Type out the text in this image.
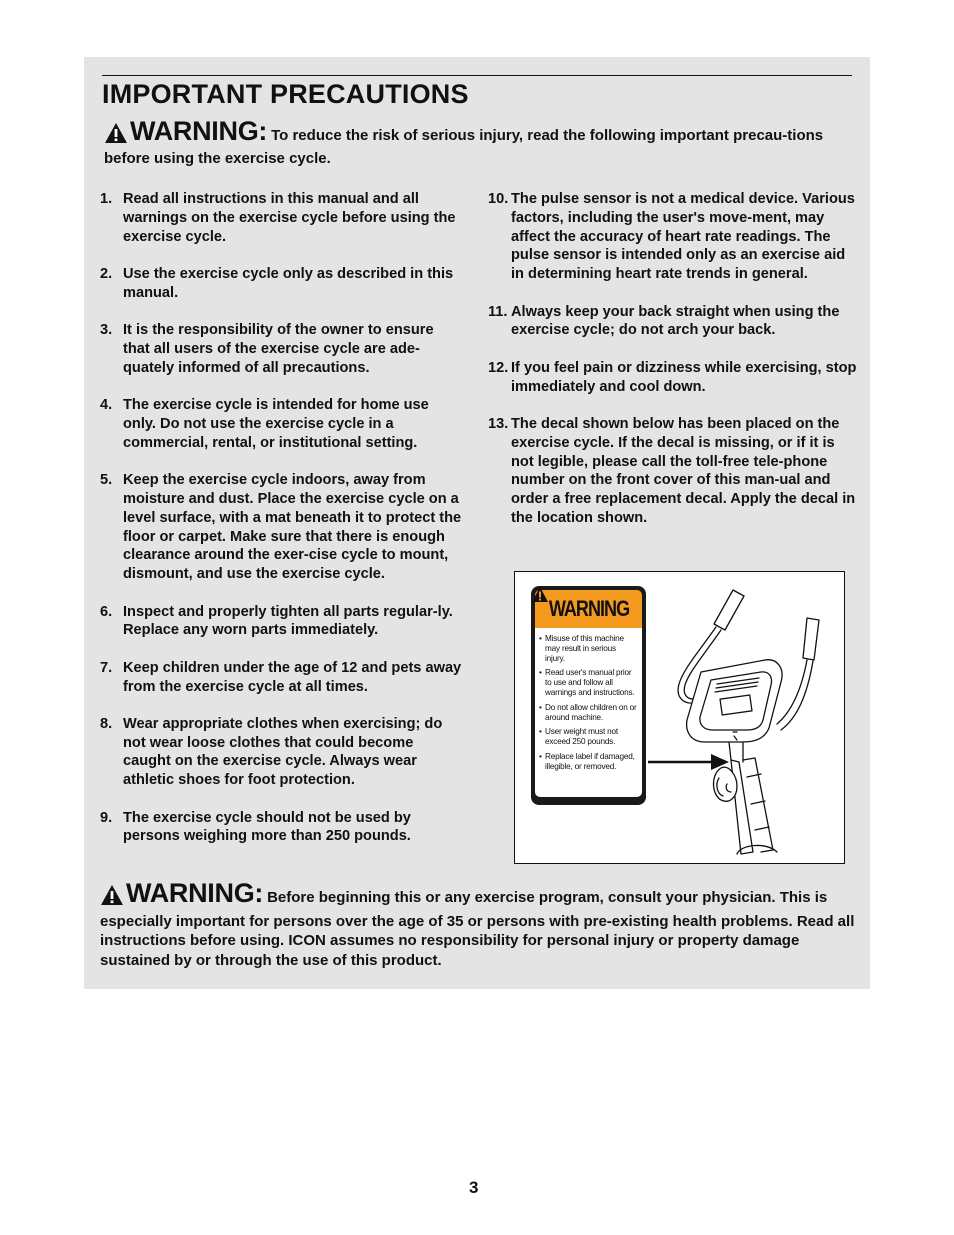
IMPORTANT PRECAUTIONS
WARNING: To reduce the risk of serious injury, read the following important precau-tions before using the exercise cycle.
1. Read all instructions in this manual and all warnings on the exercise cycle before using the exercise cycle.
2. Use the exercise cycle only as described in this manual.
3. It is the responsibility of the owner to ensure that all users of the exercise cycle are ade-quately informed of all precautions.
4. The exercise cycle is intended for home use only. Do not use the exercise cycle in a commercial, rental, or institutional setting.
5. Keep the exercise cycle indoors, away from moisture and dust. Place the exercise cycle on a level surface, with a mat beneath it to protect the floor or carpet. Make sure that there is enough clearance around the exer-cise cycle to mount, dismount, and use the exercise cycle.
6. Inspect and properly tighten all parts regular-ly. Replace any worn parts immediately.
7. Keep children under the age of 12 and pets away from the exercise cycle at all times.
8. Wear appropriate clothes when exercising; do not wear loose clothes that could become caught on the exercise cycle. Always wear athletic shoes for foot protection.
9. The exercise cycle should not be used by persons weighing more than 250 pounds.
10. The pulse sensor is not a medical device. Various factors, including the user's move-ment, may affect the accuracy of heart rate readings. The pulse sensor is intended only as an exercise aid in determining heart rate trends in general.
11. Always keep your back straight when using the exercise cycle; do not arch your back.
12. If you feel pain or dizziness while exercising, stop immediately and cool down.
13. The decal shown below has been placed on the exercise cycle. If the decal is missing, or if it is not legible, please call the toll-free tele-phone number on the front cover of this man-ual and order a free replacement decal. Apply the decal in the location shown.
WARNING
• Misuse of this machine may result in serious injury.
• Read user's manual prior to use and follow all warnings and instructions.
• Do not allow children on or around machine.
• User weight must not exceed 250 pounds.
• Replace label if damaged, illegible, or removed.
WARNING: Before beginning this or any exercise program, consult your physician. This is especially important for persons over the age of 35 or persons with pre-existing health problems. Read all instructions before using. ICON assumes no responsibility for personal injury or property damage sustained by or through the use of this product.
3
